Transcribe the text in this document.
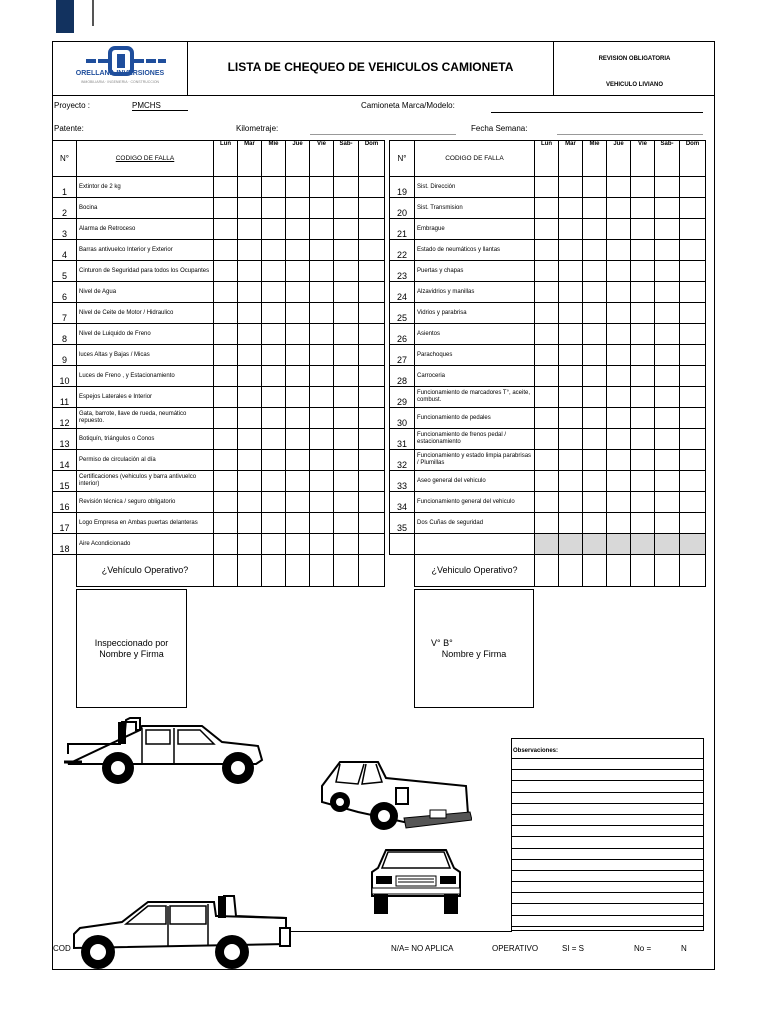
ORELLANA INVERSIONES
INMOBILIARIA · INGENIERIA · CONSTRUCCION
LISTA DE CHEQUEO DE VEHICULOS CAMIONETA
REVISION OBLIGATORIA
VEHICULO LIVIANO
Proyecto :	PMCHS	Camioneta Marca/Modelo:
Patente:	Kilometraje:	Fecha Semana:
N°	CODIGO DE FALLA	Lun	Mar	Mie	Jue	Vie	Sab-	Dom
1	Extintor de 2 kg							
2	Bocina							
3	Alarma de Retroceso							
4	Barras antivuelco Interior y Exterior							
5	Cinturon de Seguridad para todos los Ocupantes							
6	Nivel de Agua							
7	Nivel de Ceite de Motor / Hidraulico							
8	Nivel de Luiquido de Freno							
9	luces Altas y Bajas / Micas							
10	Luces de Freno , y Estacionamiento							
11	Espejos Laterales e Interior							
12	Gata, barrote, llave de rueda, neumático repuesto.							
13	Botiquín, triángulos o Conos							
14	Permiso de circulación al día							
15	Certificaciones (vehiculos y barra antivuelco interior)							
16	Revisión técnica / seguro obligatorio							
17	Logo Empresa en Ambas puertas delanteras							
18	Aire Acondicionado							
	¿Vehículo Operativo?							
N°	CODIGO DE FALLA	Lun	Mar	Mie	Jue	Vie	Sab-	Dom
19	Sist. Dirección							
20	Sist. Transmision							
21	Embrague							
22	Estado de neumáticos y llantas							
23	Puertas y chapas							
24	Alzavidrios y manillas							
25	Vidrios y parabrisa							
26	Asientos							
27	Parachoques							
28	Carroceria							
29	Funcionamiento de marcadores T°, aceite, combust.							
30	Funcionamiento de pedales							
31	Funcionamiento de frenos pedal / estacionamiento							
32	Funcionamiento y estado limpia parabrisas / Plumillas							
33	Aseo general del vehiculo							
34	Funcionamiento general del vehiculo							
35	Dos Cuñas de seguridad							

	¿Vehiculo Operativo?							
Inspeccionado por
Nombre y Firma
V° B°
Nombre y Firma
Observaciones:
COD	N/A= NO APLICA	OPERATIVO	SI = S	No =	N
